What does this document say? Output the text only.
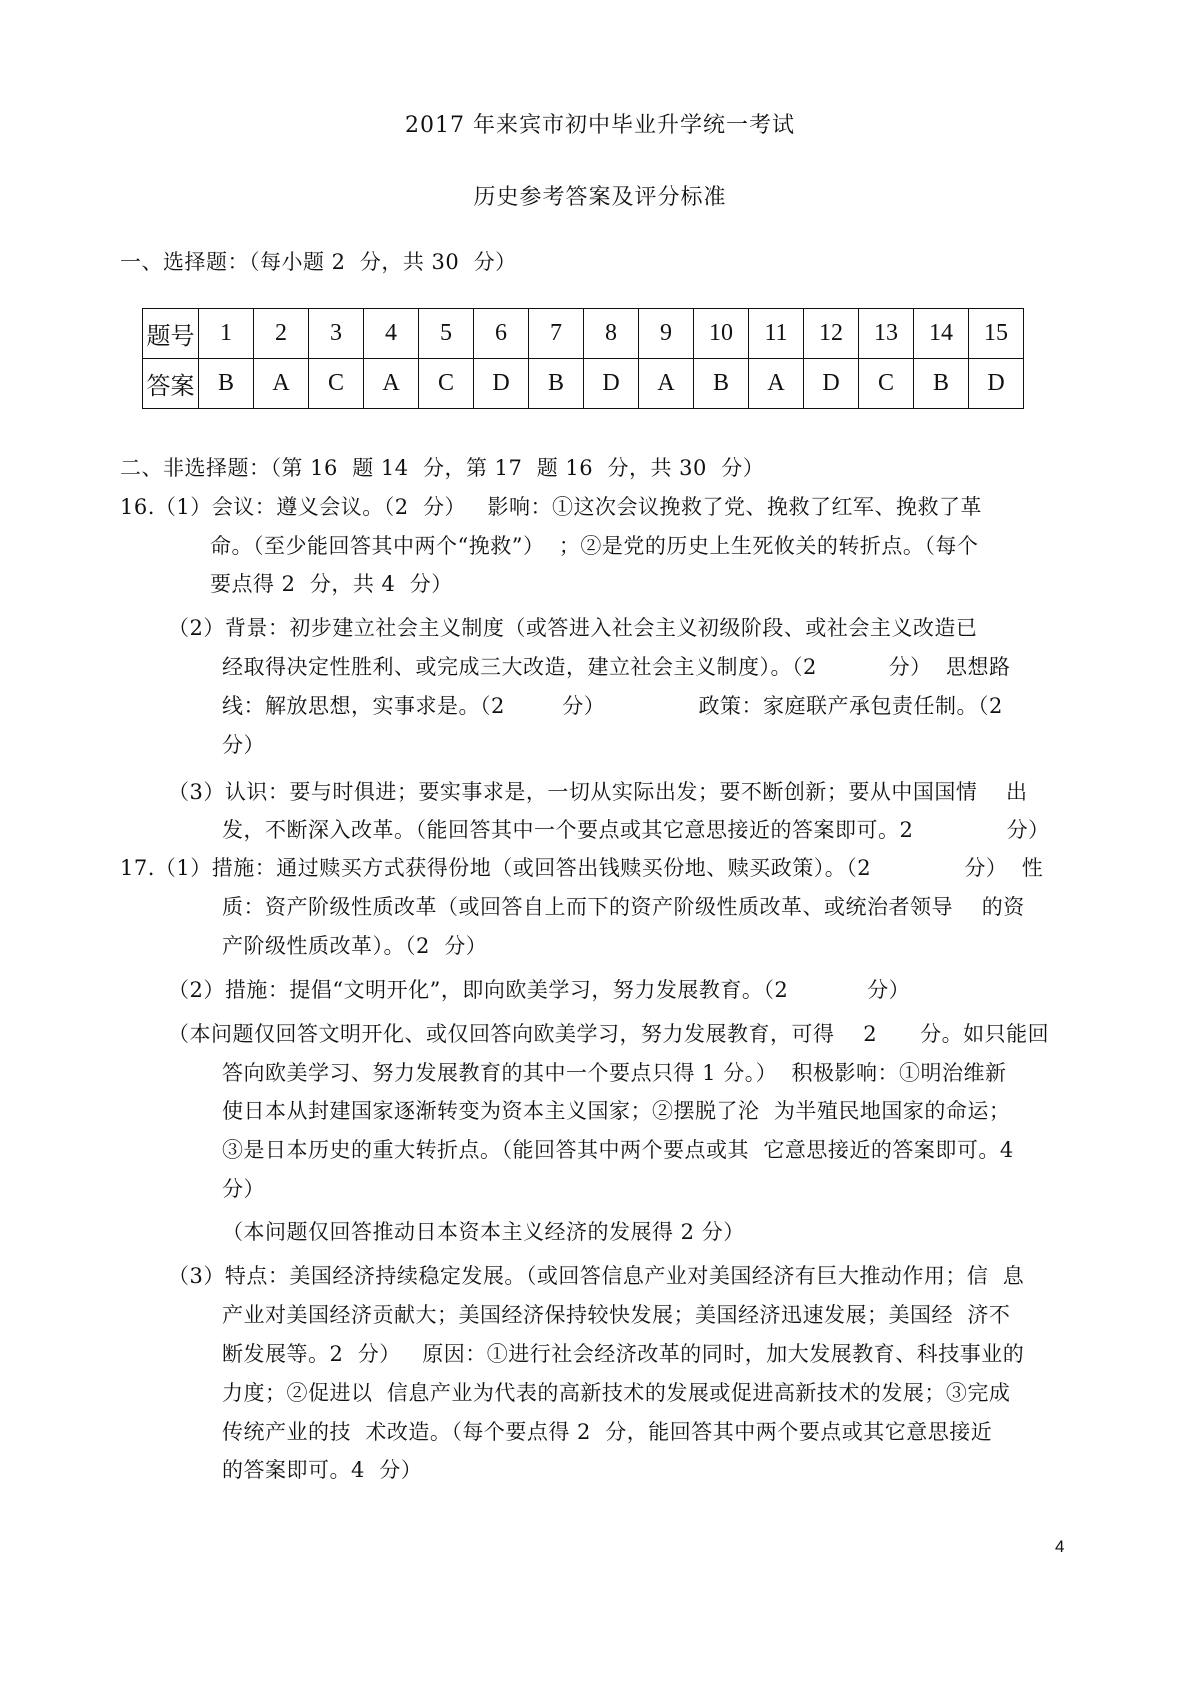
2017 年来宾市初中毕业升学统一考试
历史参考答案及评分标准
一、选择题：（每小题 2  分，共 30  分）
题号	1	2	3	4	5	6	7	8	9	10	11	12	13	14	15
答案	B	A	C	A	C	D	B	D	A	B	A	D	C	B	D
二、非选择题：（第 16  题 14  分，第 17  题 16  分，共 30  分）
16.（1）会议：遵义会议。（2  分）   影响：①这次会议挽救了党、挽救了红军、挽救了革
命。（至少能回答其中两个“挽救”）  ；②是党的历史上生死攸关的转折点。（每个
要点得 2  分，共 4  分）
（2）背景：初步建立社会主义制度（或答进入社会主义初级阶段、或社会主义改造已
经取得决定性胜利、或完成三大改造，建立社会主义制度）。（2          分）  思想路
线：解放思想，实事求是。（2        分）             政策：家庭联产承包责任制。（2
分）
（3）认识：要与时俱进；要实事求是，一切从实际出发；要不断创新；要从中国国情    出
发，不断深入改革。（能回答其中一个要点或其它意思接近的答案即可。2             分）
17.（1）措施：通过赎买方式获得份地（或回答出钱赎买份地、赎买政策）。（2             分）  性
质：资产阶级性质改革（或回答自上而下的资产阶级性质改革、或统治者领导    的资
产阶级性质改革）。（2  分）
（2）措施：提倡“文明开化”，即向欧美学习，努力发展教育。（2           分）
（本问题仅回答文明开化、或仅回答向欧美学习，努力发展教育，可得    2      分。如只能回
答向欧美学习、努力发展教育的其中一个要点只得 1 分。）  积极影响：①明治维新
使日本从封建国家逐渐转变为资本主义国家；②摆脱了沦  为半殖民地国家的命运；
③是日本历史的重大转折点。（能回答其中两个要点或其  它意思接近的答案即可。4
分）
（本问题仅回答推动日本资本主义经济的发展得 2 分）
（3）特点：美国经济持续稳定发展。（或回答信息产业对美国经济有巨大推动作用；信  息
产业对美国经济贡献大；美国经济保持较快发展；美国经济迅速发展；美国经  济不
断发展等。2  分）   原因：①进行社会经济改革的同时，加大发展教育、科技事业的
力度；②促进以  信息产业为代表的高新技术的发展或促进高新技术的发展；③完成
传统产业的技  术改造。（每个要点得 2  分，能回答其中两个要点或其它意思接近
的答案即可。4  分）
4
